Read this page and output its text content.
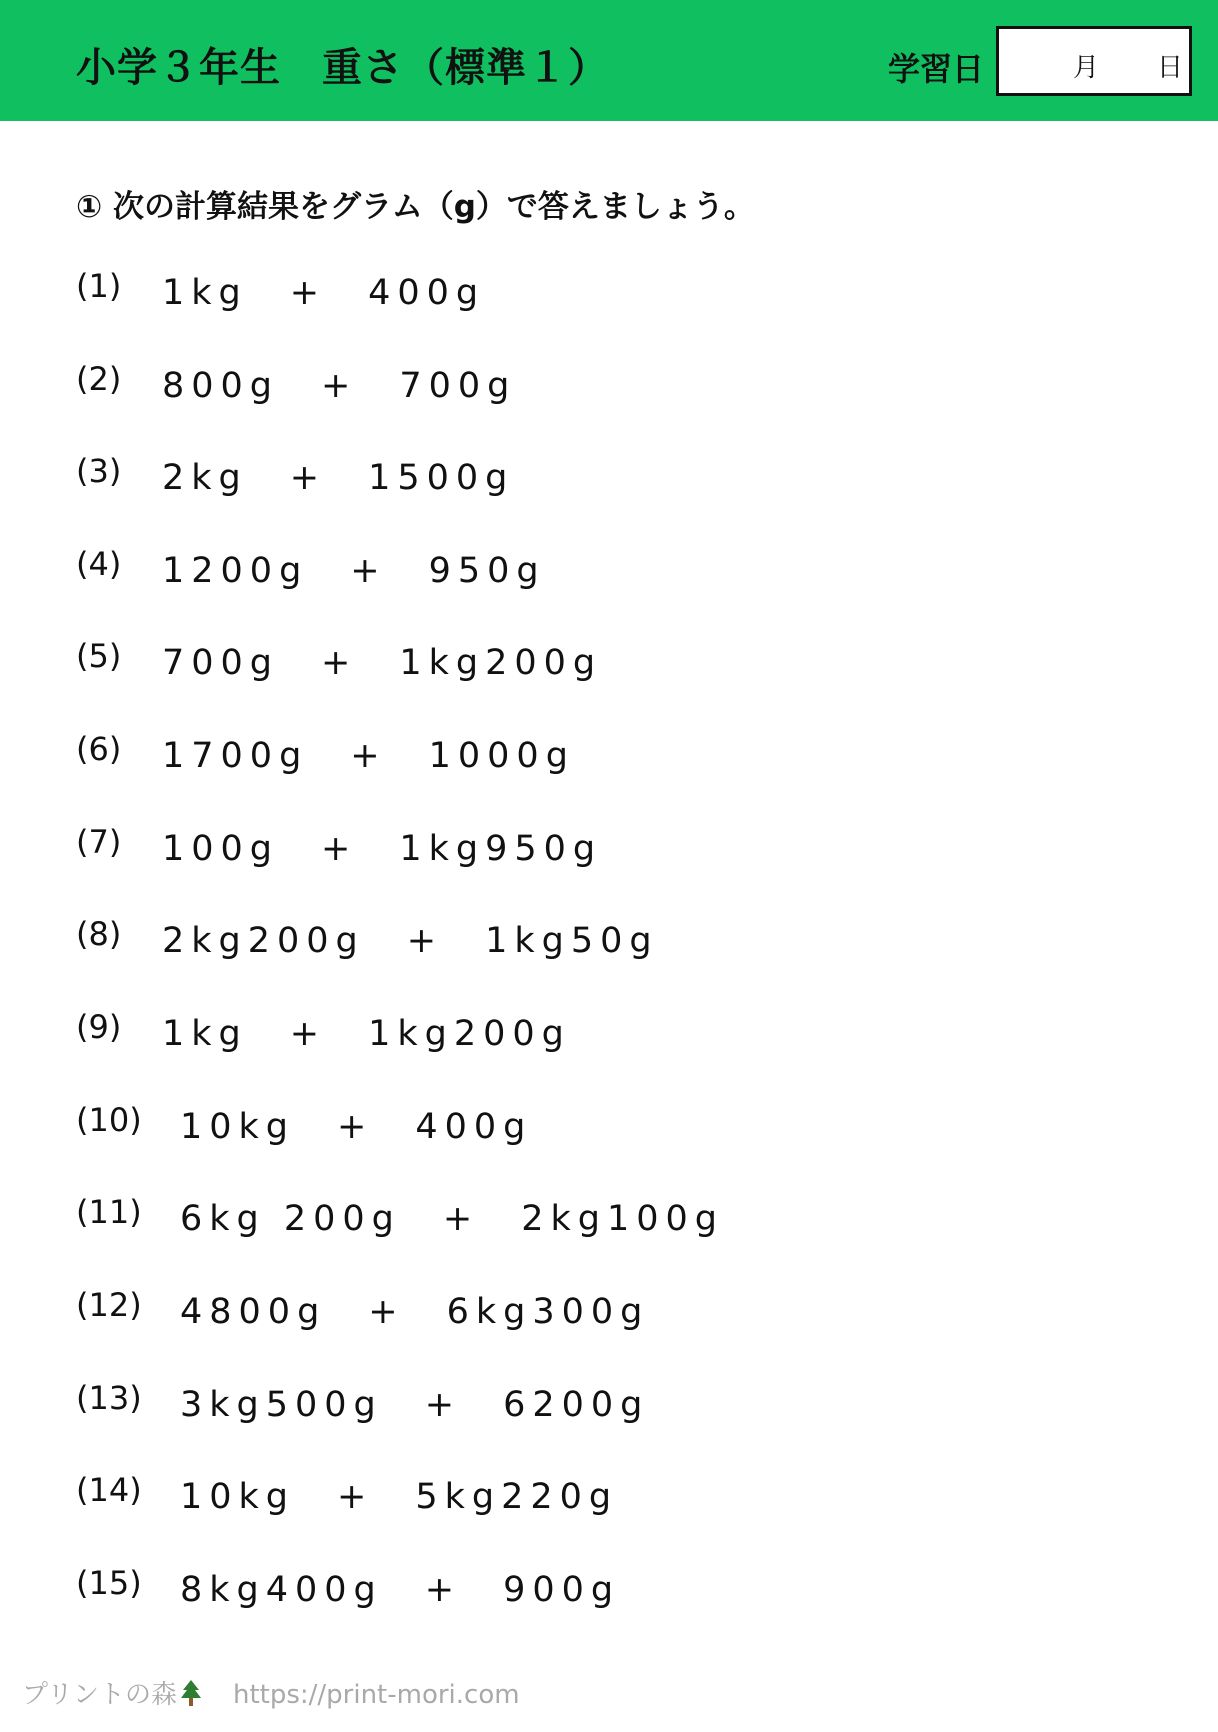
小学３年生　重さ（標準１）	学習日	月 日
① 次の計算結果をグラム（g）で答えましょう。
(1) 1kg　+　400g
(2) 800g　+　700g
(3) 2kg　+　1500g
(4) 1200g　+　950g
(5) 700g　+　1kg200g
(6) 1700g　+　1000g
(7) 100g　+　1kg950g
(8) 2kg200g　+　1kg50g
(9) 1kg　+　1kg200g
(10) 10kg　+　400g
(11) 6kg 200g　+　2kg100g
(12) 4800g　+　6kg300g
(13) 3kg500g　+　6200g
(14) 10kg　+　5kg220g
(15) 8kg400g　+　900g
プリントの森 https://print-mori.com
